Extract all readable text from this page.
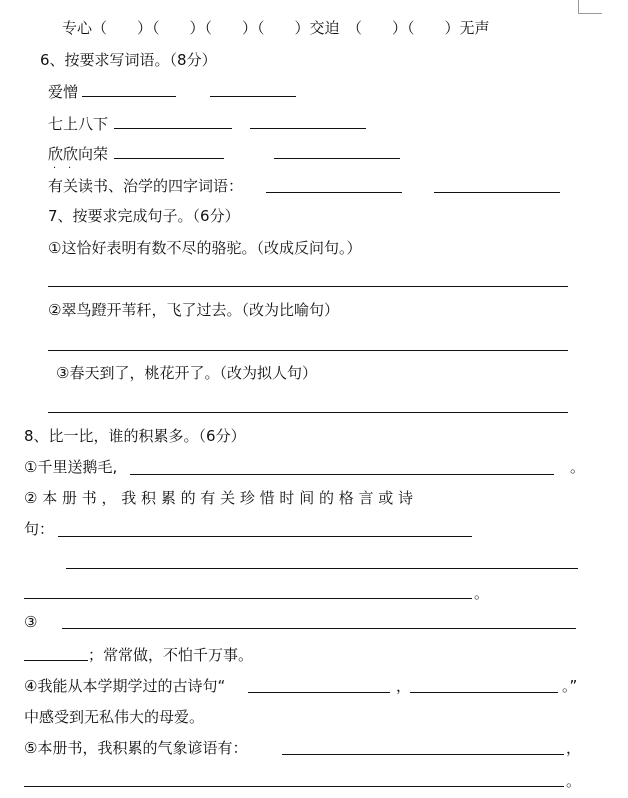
专心（　　）（　　）（　　）（　　）交迫　（　　）（　　）无声
6、按要求写词语。（8分）
爱憎
七上八下
欣欣向荣
· ·
有关读书、治学的四字词语：
7、按要求完成句子。（6分）
①这恰好表明有数不尽的骆驼。（改成反问句。）
②翠鸟蹬开苇秆，飞了过去。（改为比喻句）
③春天到了，桃花开了。（改为拟人句）
8、比一比，谁的积累多。（6分）
①千里送鹅毛,	。
② 本 册 书 ， 我 积 累 的 有 关 珍 惜 时 间 的 格 言 或 诗
句：
。
③
；常常做，不怕千万事。
④我能从本学期学过的古诗句“	，	。”
中感受到无私伟大的母爱。
⑤本册书，我积累的气象谚语有：	，
。
